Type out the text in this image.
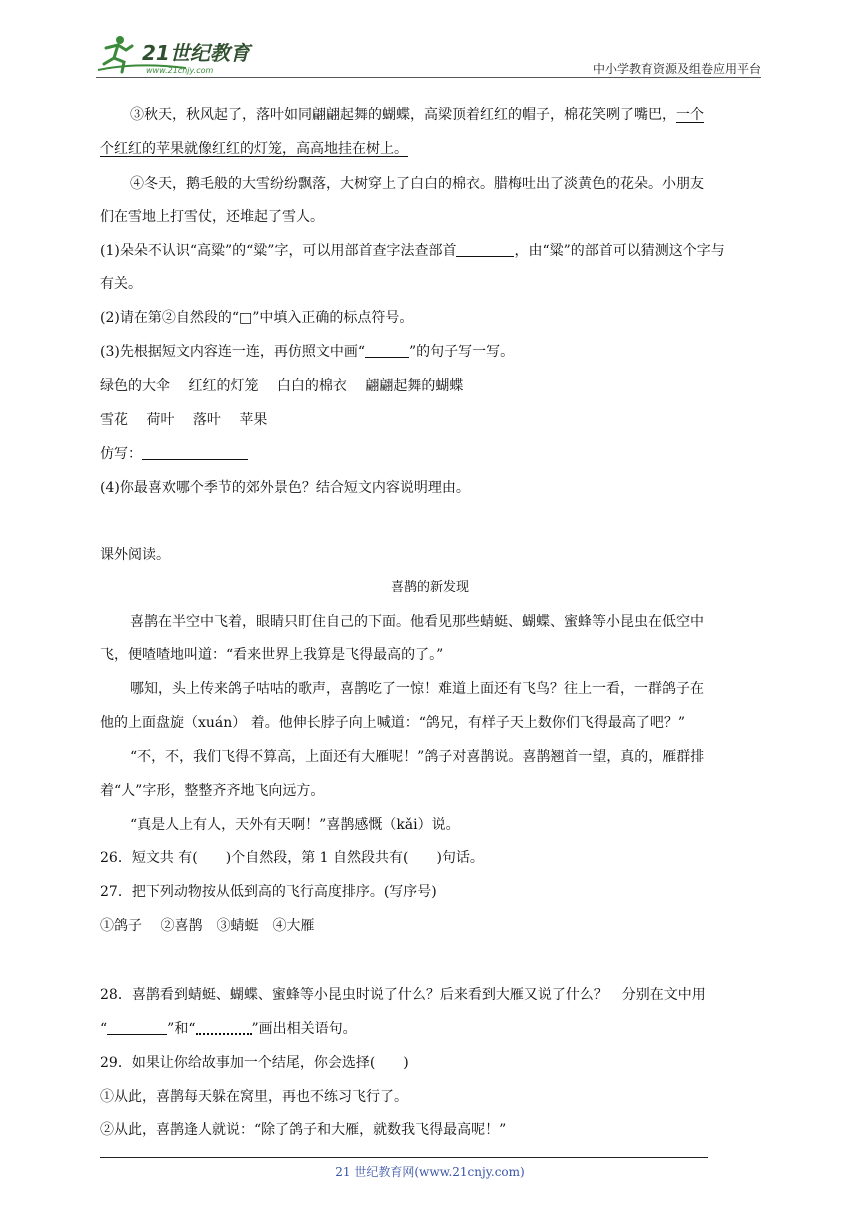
21世纪教育
www.21cnjy.com	中小学教育资源及组卷应用平台
③秋天，秋风起了，落叶如同翩翩起舞的蝴蝶，高梁顶着红红的帽子，棉花笑咧了嘴巴，一个
个红红的苹果就像红红的灯笼，高高地挂在树上。
④冬天，鹅毛般的大雪纷纷飘落，大树穿上了白白的棉衣。腊梅吐出了淡黄色的花朵。小朋友
们在雪地上打雪仗，还堆起了雪人。
(1)朵朵不认识“高粱”的“粱”字，可以用部首查字法查部首	，由“粱”的部首可以猜测这个字与
有关。
(2)请在第②自然段的“□”中填入正确的标点符号。
(3)先根据短文内容连一连，再仿照文中画“	”的句子写一写。
绿色的大伞 红红的灯笼 白白的棉衣 翩翩起舞的蝴蝶
雪花 荷叶 落叶 苹果
仿写：
(4)你最喜欢哪个季节的郊外景色？结合短文内容说明理由。
课外阅读。
喜鹊的新发现
喜鹊在半空中飞着，眼睛只盯住自己的下面。他看见那些蜻蜓、蝴蝶、蜜蜂等小昆虫在低空中
飞，便喳喳地叫道：“看来世界上我算是飞得最高的了。”
哪知，头上传来鸽子咕咕的歌声，喜鹊吃了一惊！难道上面还有飞鸟？往上一看，一群鸽子在
他的上面盘旋（xuán） 着。他伸长脖子向上喊道：“鸽兄，有样子天上数你们飞得最高了吧？”
“不，不，我们飞得不算高，上面还有大雁呢！”鸽子对喜鹊说。喜鹊翘首一望，真的，雁群排
着“人”字形，整整齐齐地飞向远方。
“真是人上有人，天外有天啊！”喜鹊感慨（kǎi）说。
26．短文共 有(　　)个自然段，第 1 自然段共有(　　)句话。
27．把下列动物按从低到高的飞行高度排序。(写序号)
①鸽子　 ②喜鹊　③蜻蜓　④大雁
28．喜鹊看到蜻蜓、蝴蝶、蜜蜂等小昆虫时说了什么？后来看到大雁又说了什么？　分别在文中用
“	”和“	”画出相关语句。
29．如果让你给故事加一个结尾，你会选择(　　)
①从此，喜鹊每天躲在窝里，再也不练习飞行了。
②从此，喜鹊逢人就说：“除了鸽子和大雁，就数我飞得最高呢！”
21 世纪教育网(www.21cnjy.com)
